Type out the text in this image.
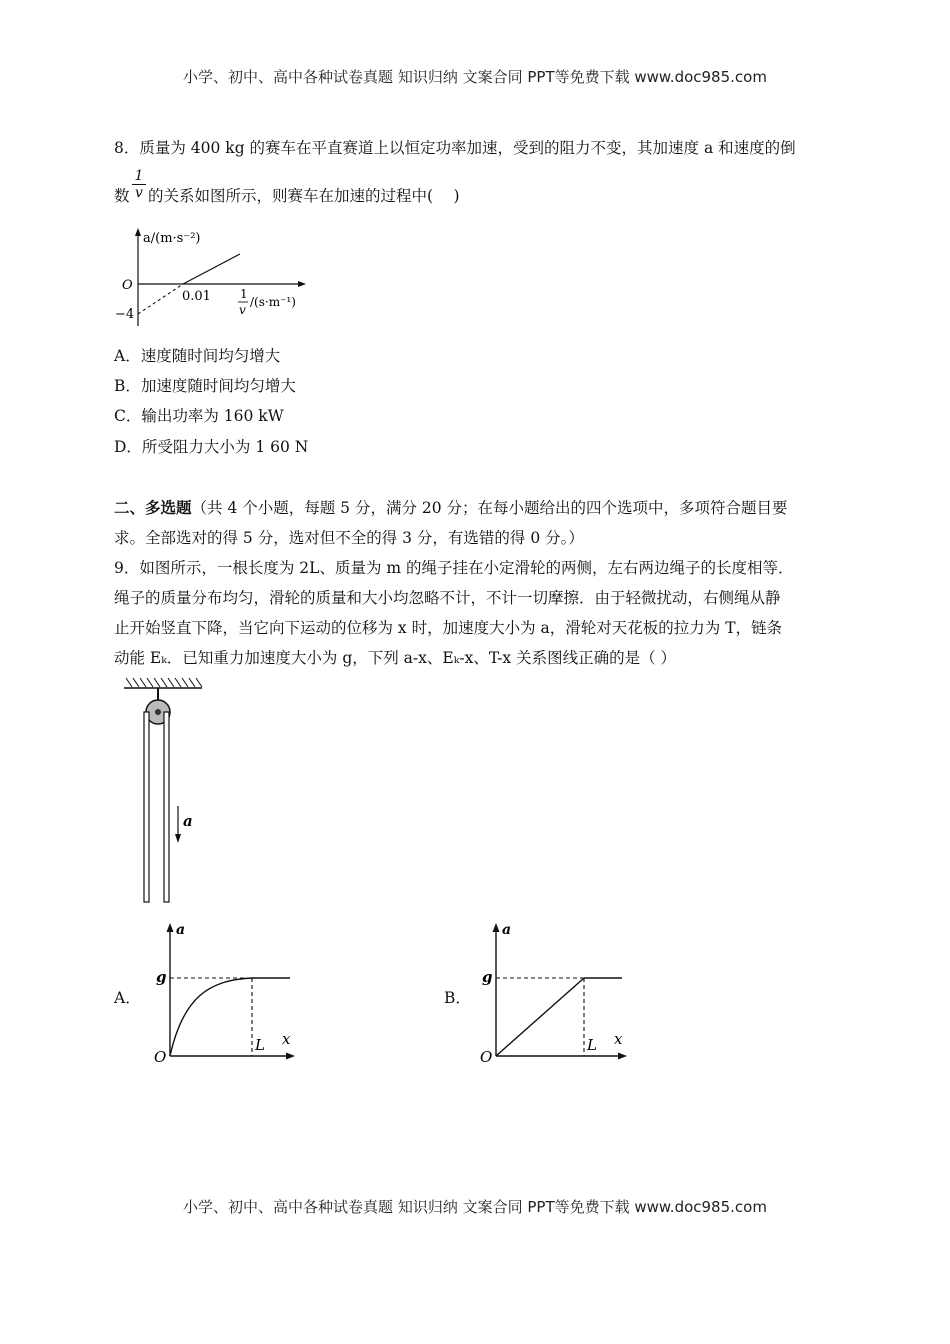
小学、初中、高中各种试卷真题 知识归纳 文案合同 PPT等免费下载 www.doc985.com
8．质量为 400 kg 的赛车在平直赛道上以恒定功率加速，受到的阻力不变，其加速度 a 和速度的倒
数 $\frac{1}{v}$ 的关系如图所示，则赛车在加速的过程中(　 )
a/(m·s⁻²)
O
0.01
−4
1
v
/(s·m⁻¹)
A．速度随时间均匀增大
B．加速度随时间均匀增大
C．输出功率为 160 kW
D．所受阻力大小为 1 60 N
二、多选题（共 4 个小题，每题 5 分，满分 20 分；在每小题给出的四个选项中，多项符合题目要
求。全部选对的得 5 分，选对但不全的得 3 分，有选错的得 0 分。）
9．如图所示，一根长度为 2L、质量为 m 的绳子挂在小定滑轮的两侧，左右两边绳子的长度相等．
绳子的质量分布均匀，滑轮的质量和大小均忽略不计，不计一切摩擦．由于轻微扰动，右侧绳从静
止开始竖直下降，当它向下运动的位移为 x 时，加速度大小为 a，滑轮对天花板的拉力为 T，链条
动能 Eₖ．已知重力加速度大小为 g，下列 a-x、Eₖ-x、T-x 关系图线正确的是（ ）
a
A．
a
g
O
L x
B．
a
g
O
L x
小学、初中、高中各种试卷真题 知识归纳 文案合同 PPT等免费下载 www.doc985.com
